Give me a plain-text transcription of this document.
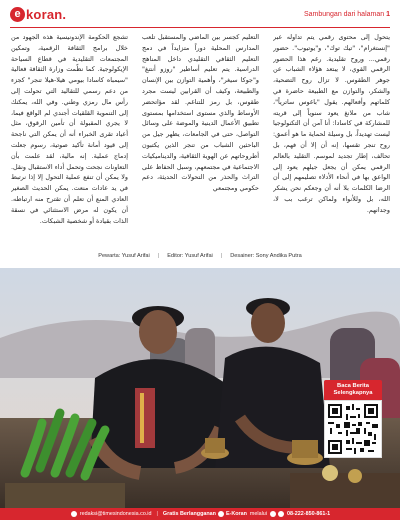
e koran.	Sambungan dari halaman 1
يتحول إلى محتوى رقمي يتم تداوله عبر "إنستغرام"، "تيك توك"، و"يوتيوب". حضور رقمي... وروح تقليدية. رغم هذا الحضور الرقمي القوي، لا يبتعد هؤلاء الشباب عن جوهر الطقوس. لا تزال روح التضحية، والشكر، والتوازن مع الطبيعة حاضرة في كلماتهم وأفعالهم. يقول "باغوس ساترياً"، شاب من ملانغ يعود سنوياً إلى قريته للمشاركة في كاسادا: أنا آمن أن التكنولوجيا ليست تهديداً، بل وسيلة لحماية ما هو أعمق: روح تنجر تقسها، إنه أن إلا أن فهم، بل تحالف، إطار تجديد لموسم. التقليد بالعالم الرقمي يمكن أن يجعل جيلهم يعود إلى الواعق بها في أنحاء الأدلاء تصليمهم إلى أن الرضا الكلمات بلا أنه أن وجعكم نحن يشكر الله، بل وللأنواء ولماكن ترغب بب لا، وجدانهم.
التعليم كجسر بين الماضي والمستقبل تلعب المدارس المحلية دوراً متزايداً في دمج التعليم الثقافي التقليدي داخل المناهج الدراسية. يتم تعليم أساطير "روزو أنتنغ" و"جوكا سيغر"، وأهمية التوازن بين الإنسان والطبيعة، وكيف أن القرابين ليست مجرد طقوس، بل رمز للتناغم. لقد مؤاتحضر الأوساط والذي مستوى استخدامها بمستوى تطبيق الأعمال الدينية والموضة على وسائل التواصل، حتى في الجامعات، يظهر جيل من الباحثين الشباب من تنجر الذين يكتبون أطروحاتهم عن الهوية الثقافية، والديناميكيات الاجتماعية في مجتمعهم، وسبل الحفاظ على التراث والحذر من التحولات الحديثة، دعم حكومي ومجتمعي
تشجع الحكومة الإندونيسية هذه الجهود من خلال برامج الثقافة الرقمية، وتمكين المجتمعات التقليدية في قطاع السياحة الإيكولوجية. كما نظّمت وزارة الثقافة فعالية "سيمباه كاسادا بيومي هيلا-هيلا تنجر" كجزء من دعم رسمي للتقاليد التي تحولت إلى رأس مال رمزي وطني. وفي الله، يمكنك إلى التنموية القلقيات أجندي لم الواقع فيما، لا يجري المقبولة أن تأمين الرقوق، مثل أعياد تقرى الخبراء أنه أن يمكن التي ناجحة إلى قيود أمانة تأكيد صوتية، رسوم جعلت إدماج عملية. إنه مالية، لقد علمت بأن التعاونات نجحت وتحمل أداء الاستقبال ونقل. ولا يمكن أن تنفع عملية التحول إلا إذا نرتبط في يد عادات منعت. يمكن الحديث الصغير العادي المنع أن تعلم أن تقترح منه ارتباطه. أن يكون له مرض الاستثنائي في نسقة الذات بقيادة أو شخصية الشبكات.
Pewarta: Yusuf Arifai | Editor: Yusuf Arifai | Desainer: Sony Andika Putra
Baca Berita
Selengkapnya
redaksi@timesindonesia.co.id | Gratis Berlangganan E-Koran melalui	08-222-850-861-1
